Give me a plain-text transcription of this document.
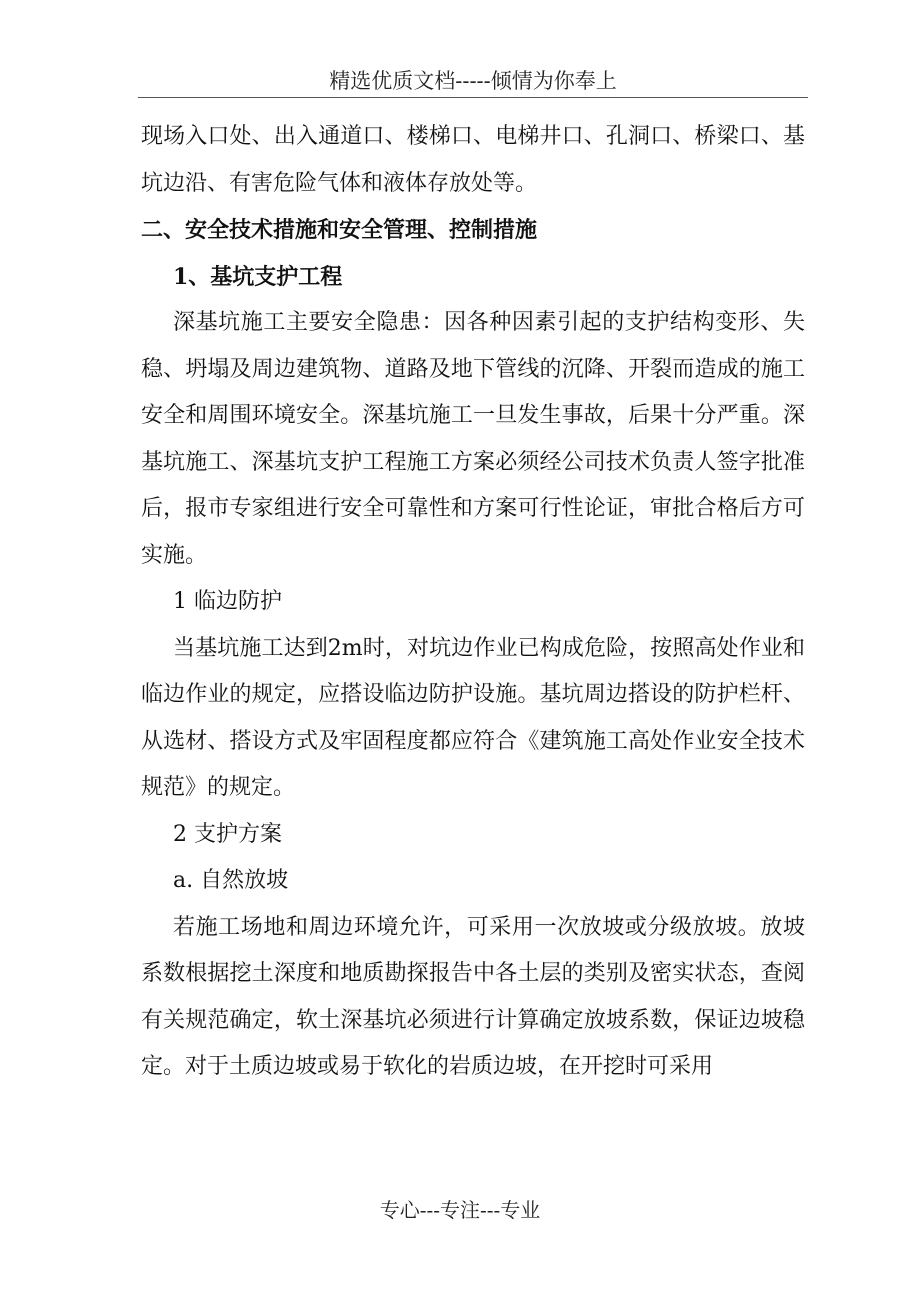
精选优质文档-----倾情为你奉上

现场入口处、出入通道口、楼梯口、电梯井口、孔洞口、桥梁口、基坑边沿、有害危险气体和液体存放处等。

二、安全技术措施和安全管理、控制措施

1、基坑支护工程

深基坑施工主要安全隐患：因各种因素引起的支护结构变形、失稳、坍塌及周边建筑物、道路及地下管线的沉降、开裂而造成的施工安全和周围环境安全。深基坑施工一旦发生事故，后果十分严重。深基坑施工、深基坑支护工程施工方案必须经公司技术负责人签字批准后，报市专家组进行安全可靠性和方案可行性论证，审批合格后方可实施。

1 临边防护

当基坑施工达到2m时，对坑边作业已构成危险，按照高处作业和临边作业的规定，应搭设临边防护设施。基坑周边搭设的防护栏杆、从选材、搭设方式及牢固程度都应符合《建筑施工高处作业安全技术规范》的规定。

2 支护方案

a. 自然放坡

若施工场地和周边环境允许，可采用一次放坡或分级放坡。放坡系数根据挖土深度和地质勘探报告中各土层的类别及密实状态，查阅有关规范确定，软土深基坑必须进行计算确定放坡系数，保证边坡稳定。对于土质边坡或易于软化的岩质边坡，在开挖时可采用

专心---专注---专业
